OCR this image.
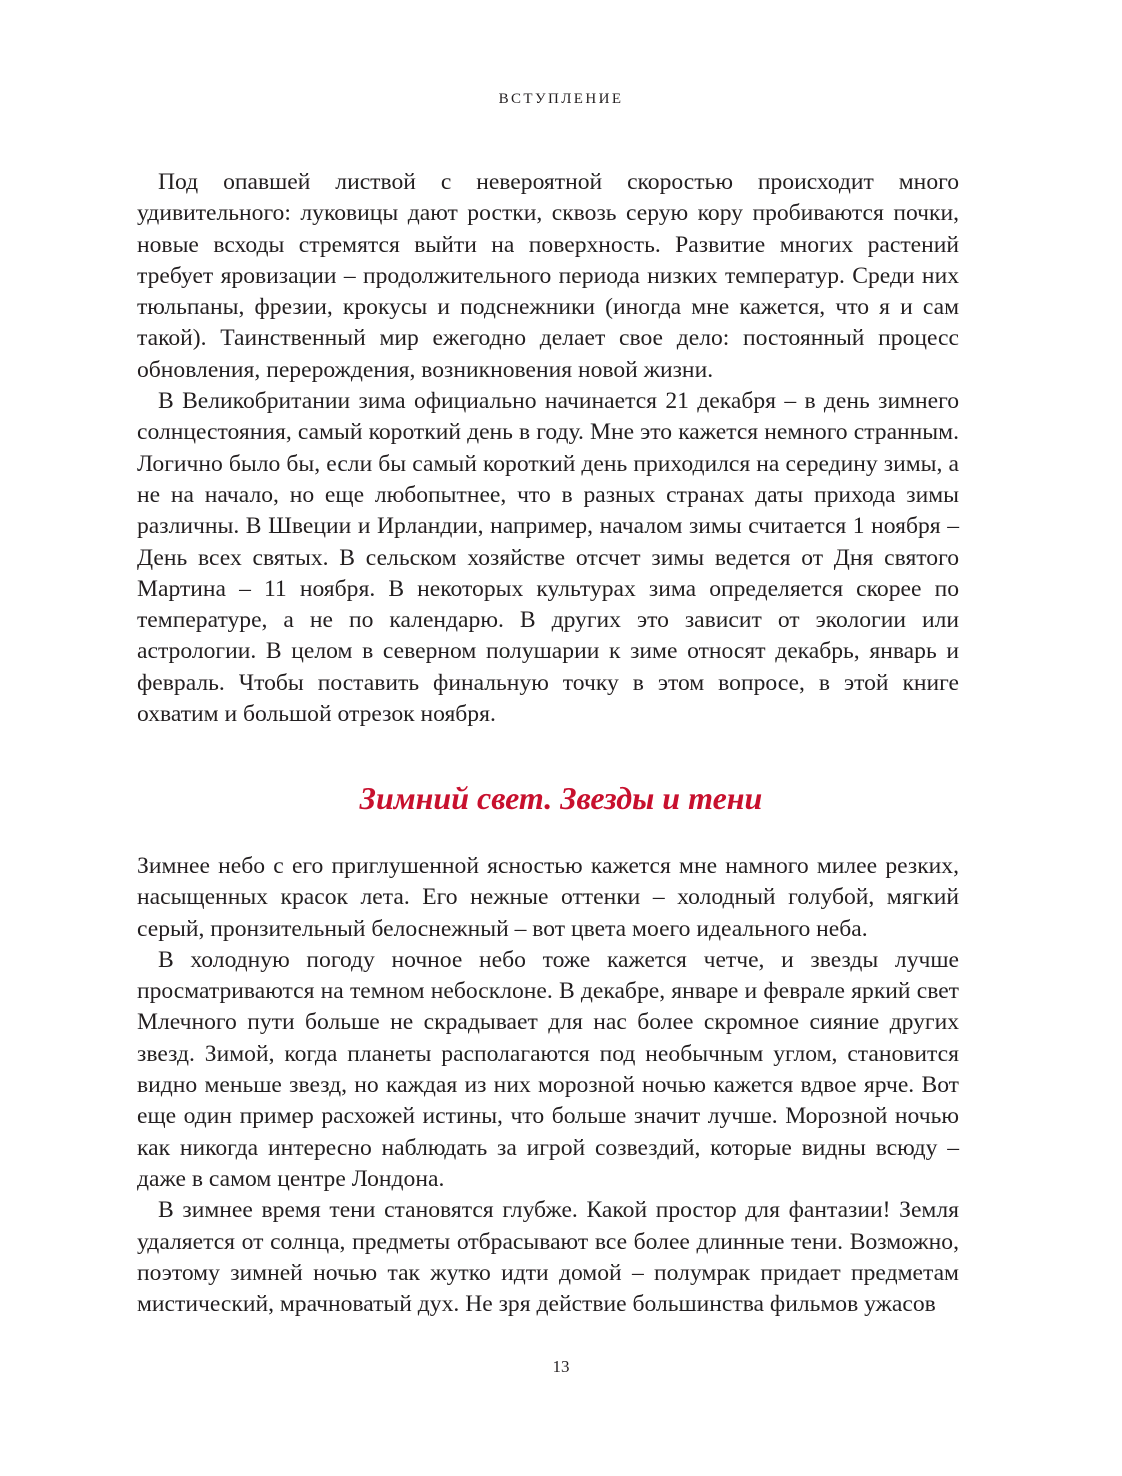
ВСТУПЛЕНИЕ

Под опавшей листвой с невероятной скоростью происходит много удивительного: луковицы дают ростки, сквозь серую кору пробиваются почки, новые всходы стремятся выйти на поверхность. Развитие многих растений требует яровизации – продолжительного периода низких температур. Среди них тюльпаны, фрезии, крокусы и подснежники (иногда мне кажется, что я и сам такой). Таинственный мир ежегодно делает свое дело: постоянный процесс обновления, перерождения, возникновения новой жизни.

В Великобритании зима официально начинается 21 декабря – в день зимнего солнцестояния, самый короткий день в году. Мне это кажется немного странным. Логично было бы, если бы самый короткий день приходился на середину зимы, а не на начало, но еще любопытнее, что в разных странах даты прихода зимы различны. В Швеции и Ирландии, например, началом зимы считается 1 ноября – День всех святых. В сельском хозяйстве отсчет зимы ведется от Дня святого Мартина – 11 ноября. В некоторых культурах зима определяется скорее по температуре, а не по календарю. В других это зависит от экологии или астрологии. В целом в северном полушарии к зиме относят декабрь, январь и февраль. Чтобы поставить финальную точку в этом вопросе, в этой книге охватим и большой отрезок ноября.

Зимний свет. Звезды и тени

Зимнее небо с его приглушенной ясностью кажется мне намного милее резких, насыщенных красок лета. Его нежные оттенки – холодный голубой, мягкий серый, пронзительный белоснежный – вот цвета моего идеального неба.

В холодную погоду ночное небо тоже кажется четче, и звезды лучше просматриваются на темном небосклоне. В декабре, январе и феврале яркий свет Млечного пути больше не скрадывает для нас более скромное сияние других звезд. Зимой, когда планеты располагаются под необычным углом, становится видно меньше звезд, но каждая из них морозной ночью кажется вдвое ярче. Вот еще один пример расхожей истины, что больше значит лучше. Морозной ночью как никогда интересно наблюдать за игрой созвездий, которые видны всюду – даже в самом центре Лондона.

В зимнее время тени становятся глубже. Какой простор для фантазии! Земля удаляется от солнца, предметы отбрасывают все более длинные тени. Возможно, поэтому зимней ночью так жутко идти домой – полумрак придает предметам мистический, мрачноватый дух. Не зря действие большинства фильмов ужасов

13
